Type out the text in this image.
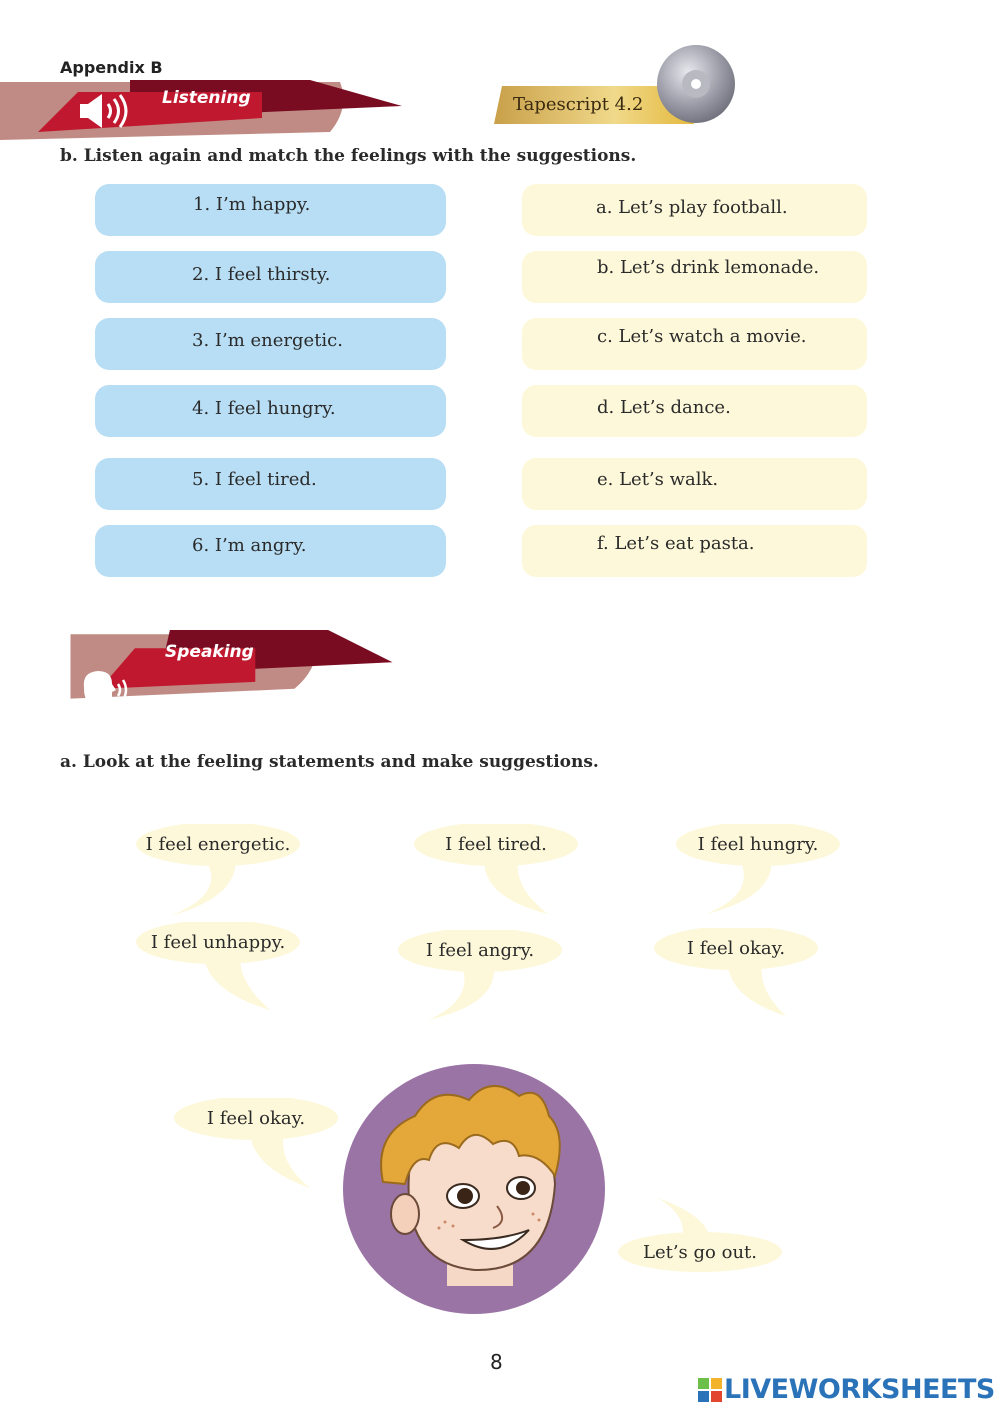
Appendix B
Listening	Tapescript 4.2
b. Listen again and match the feelings with the suggestions.
1. I’m happy.
2. I feel thirsty.
3. I’m energetic.
4. I feel hungry.
5. I feel tired.
6. I’m angry.
a. Let’s play football.
b. Let’s drink lemonade.
c. Let’s watch a movie.
d. Let’s dance.
e. Let’s walk.
f. Let’s eat pasta.
Speaking
a. Look at the feeling statements and make suggestions.
I feel energetic.	I feel tired.	I feel hungry.
I feel unhappy.	I feel angry.	I feel okay.
I feel okay.
Let’s go out.
8
LIVEWORKSHEETS
